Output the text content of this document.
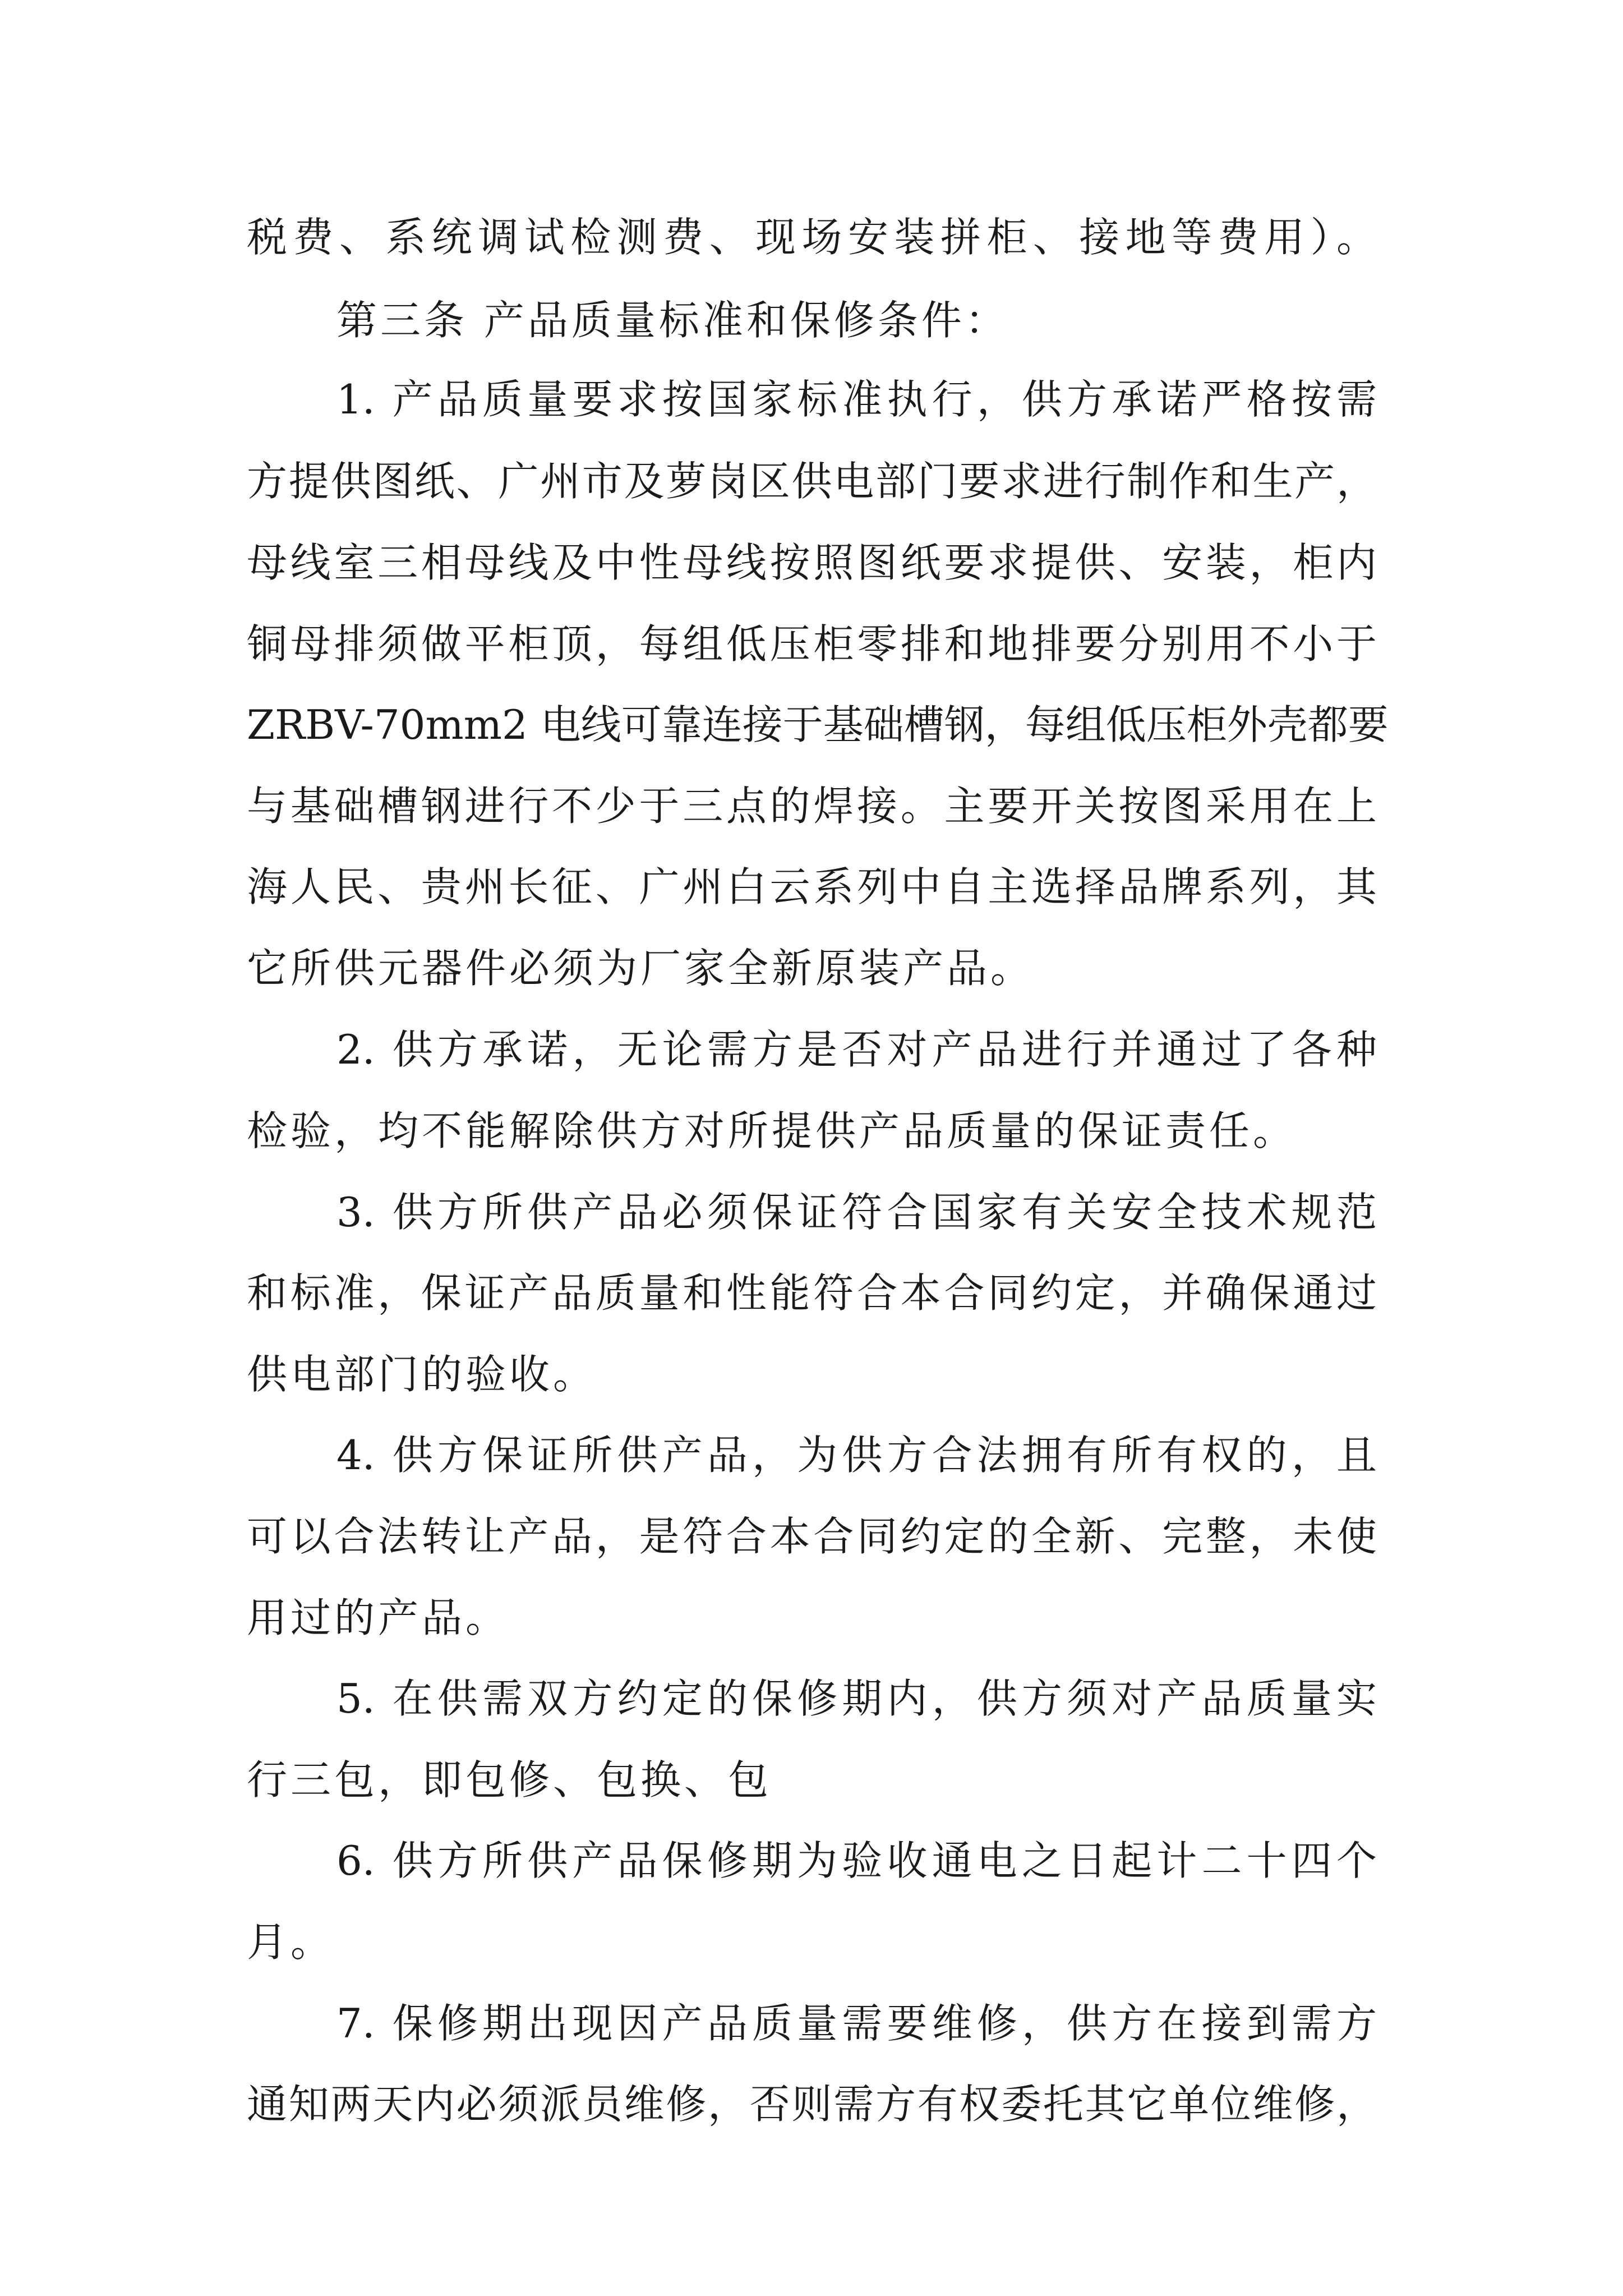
税费、系统调试检测费、现场安装拼柜、接地等费用）。
第三条 产品质量标准和保修条件：
1. 产品质量要求按国家标准执行，供方承诺严格按需
方提供图纸、广州市及萝岗区供电部门要求进行制作和生产，
母线室三相母线及中性母线按照图纸要求提供、安装，柜内
铜母排须做平柜顶，每组低压柜零排和地排要分别用不小于
ZRBV-70mm2 电线可靠连接于基础槽钢，每组低压柜外壳都要
与基础槽钢进行不少于三点的焊接。主要开关按图采用在上
海人民、贵州长征、广州白云系列中自主选择品牌系列，其
它所供元器件必须为厂家全新原装产品。
2. 供方承诺，无论需方是否对产品进行并通过了各种
检验，均不能解除供方对所提供产品质量的保证责任。
3. 供方所供产品必须保证符合国家有关安全技术规范
和标准，保证产品质量和性能符合本合同约定，并确保通过
供电部门的验收。
4. 供方保证所供产品，为供方合法拥有所有权的，且
可以合法转让产品，是符合本合同约定的全新、完整，未使
用过的产品。
5. 在供需双方约定的保修期内，供方须对产品质量实
行三包，即包修、包换、包
6. 供方所供产品保修期为验收通电之日起计二十四个
月。
7. 保修期出现因产品质量需要维修，供方在接到需方
通知两天内必须派员维修，否则需方有权委托其它单位维修，
